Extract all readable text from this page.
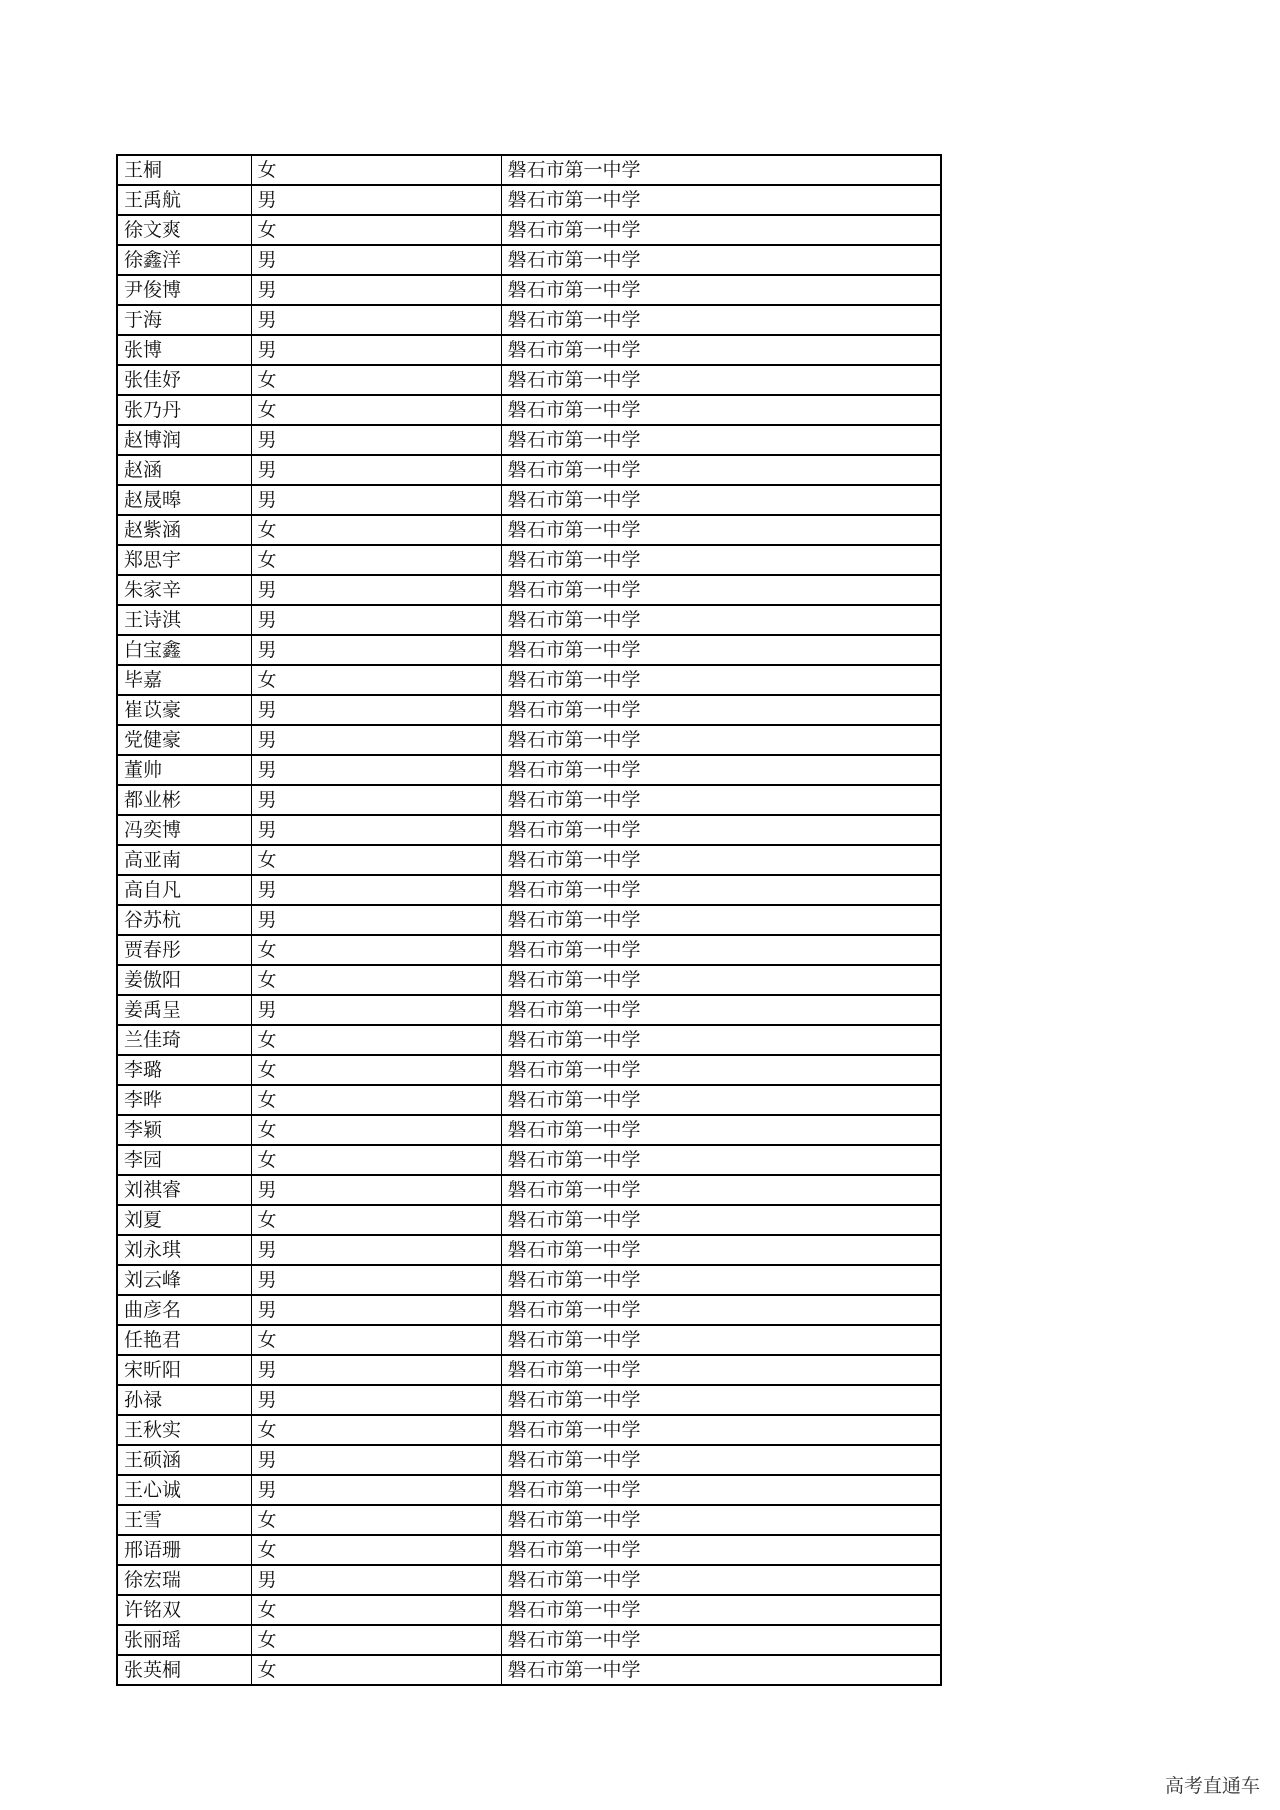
王桐	女	磐石市第一中学
王禹航	男	磐石市第一中学
徐文爽	女	磐石市第一中学
徐鑫洋	男	磐石市第一中学
尹俊博	男	磐石市第一中学
于海	男	磐石市第一中学
张博	男	磐石市第一中学
张佳妤	女	磐石市第一中学
张乃丹	女	磐石市第一中学
赵博润	男	磐石市第一中学
赵涵	男	磐石市第一中学
赵晟暤	男	磐石市第一中学
赵紫涵	女	磐石市第一中学
郑思宇	女	磐石市第一中学
朱家辛	男	磐石市第一中学
王诗淇	男	磐石市第一中学
白宝鑫	男	磐石市第一中学
毕嘉	女	磐石市第一中学
崔苡豪	男	磐石市第一中学
党健豪	男	磐石市第一中学
董帅	男	磐石市第一中学
都业彬	男	磐石市第一中学
冯奕博	男	磐石市第一中学
高亚南	女	磐石市第一中学
高自凡	男	磐石市第一中学
谷苏杭	男	磐石市第一中学
贾春彤	女	磐石市第一中学
姜傲阳	女	磐石市第一中学
姜禹呈	男	磐石市第一中学
兰佳琦	女	磐石市第一中学
李璐	女	磐石市第一中学
李晔	女	磐石市第一中学
李颖	女	磐石市第一中学
李园	女	磐石市第一中学
刘祺睿	男	磐石市第一中学
刘夏	女	磐石市第一中学
刘永琪	男	磐石市第一中学
刘云峰	男	磐石市第一中学
曲彦名	男	磐石市第一中学
任艳君	女	磐石市第一中学
宋昕阳	男	磐石市第一中学
孙禄	男	磐石市第一中学
王秋实	女	磐石市第一中学
王硕涵	男	磐石市第一中学
王心诚	男	磐石市第一中学
王雪	女	磐石市第一中学
邢语珊	女	磐石市第一中学
徐宏瑞	男	磐石市第一中学
许铭双	女	磐石市第一中学
张丽瑶	女	磐石市第一中学
张英桐	女	磐石市第一中学
高考直通车
